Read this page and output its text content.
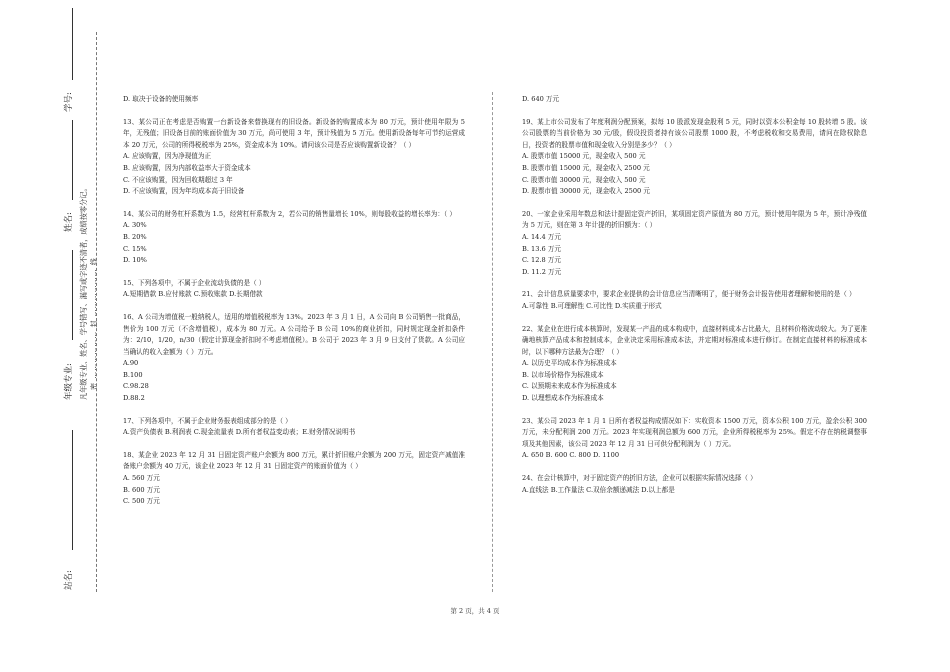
学号:
姓名:
年级专业:
站名:
凡年级专业、姓名、学号错写、漏写或字迹不清者，成绩按零分记。 密 ……………… 封 ……………… 线

D. 取决于设备的使用频率

13、某公司正在考虑是否购置一台新设备来替换现有的旧设备。新设备的购置成本为 80 万元，预计使用年限为 5 年，无残值；旧设备目前的账面价值为 30 万元，尚可使用 3 年，预计残值为 5 万元。使用新设备每年可节约运营成本 20 万元，公司的所得税税率为 25%，资金成本为 10%。请问该公司是否应该购置新设备？（ ）

A. 应该购置，因为净现值为正

B. 应该购置，因为内部收益率大于资金成本

C. 不应该购置，因为回收期超过 3 年

D. 不应该购置，因为年均成本高于旧设备

14、某公司的财务杠杆系数为 1.5，经营杠杆系数为 2，若公司的销售量增长 10%，则每股收益的增长率为：（ ）

A. 30%

B. 20%

C. 15%

D. 10%

15、下列各项中，不属于企业流动负债的是（ ）

A.短期借款 B.应付账款 C.预收账款 D.长期借款

16、A 公司为增值税一般纳税人，适用的增值税税率为 13%。2023 年 3 月 1 日，A 公司向 B 公司销售一批商品，售价为 100 万元（不含增值税），成本为 80 万元。A 公司给予 B 公司 10%的商业折扣，同时规定现金折扣条件为：2/10，1/20，n/30（假定计算现金折扣时不考虑增值税）。B 公司于 2023 年 3 月 9 日支付了货款。A 公司应当确认的收入金额为（ ）万元。

A.90

B.100

C.98.28

D.88.2

17、下列各项中，不属于企业财务报表组成部分的是（ ）

A.资产负债表 B.利润表 C.现金流量表 D.所有者权益变动表；E.财务情况说明书

18、某企业 2023 年 12 月 31 日固定资产账户余额为 800 万元，累计折旧账户余额为 200 万元，固定资产减值准备账户余额为 40 万元，该企业 2023 年 12 月 31 日固定资产的账面价值为（ ）

A. 560 万元

B. 600 万元

C. 500 万元

D. 640 万元

19、某上市公司发布了年度利润分配预案，拟每 10 股派发现金股利 5 元，同时以资本公积金每 10 股转增 5 股。该公司股票的当前价格为 30 元/股，假设投资者持有该公司股票 1000 股，不考虑税收和交易费用，请问在除权除息日，投资者的股票市值和现金收入分别是多少？（ ）

A. 股票市值 15000 元，现金收入 500 元

B. 股票市值 15000 元，现金收入 2500 元

C. 股票市值 30000 元，现金收入 500 元

D. 股票市值 30000 元，现金收入 2500 元

20、一家企业采用年数总和法计提固定资产折旧，某项固定资产原值为 80 万元，预计使用年限为 5 年，预计净残值为 5 万元，则在第 3 年计提的折旧额为：（ ）

A. 14.4 万元

B. 13.6 万元

C. 12.8 万元

D. 11.2 万元

21、会计信息质量要求中，要求企业提供的会计信息应当清晰明了，便于财务会计报告使用者理解和使用的是（ ）

A.可靠性 B.可理解性 C.可比性 D.实质重于形式

22、某企业在进行成本核算时，发现某一产品的成本构成中，直接材料成本占比最大，且材料价格波动较大。为了更准确地核算产品成本和控制成本，企业决定采用标准成本法，并定期对标准成本进行修订。在制定直接材料的标准成本时，以下哪种方法最为合理？（ ）

A. 以历史平均成本作为标准成本

B. 以市场价格作为标准成本

C. 以预期未来成本作为标准成本

D. 以理想成本作为标准成本

23、某公司 2023 年 1 月 1 日所有者权益构成情况如下：实收资本 1500 万元，资本公积 100 万元，盈余公积 300 万元，未分配利润 200 万元。2023 年实现利润总额为 600 万元，企业所得税税率为 25%。假定不存在纳税调整事项及其他因素，该公司 2023 年 12 月 31 日可供分配利润为（ ）万元。

A. 650 B. 600 C. 800 D. 1100

24、在会计核算中，对于固定资产的折旧方法，企业可以根据实际情况选择（ ）

A.直线法 B.工作量法 C.双倍余额递减法 D.以上都是

第 2 页，共 4 页
